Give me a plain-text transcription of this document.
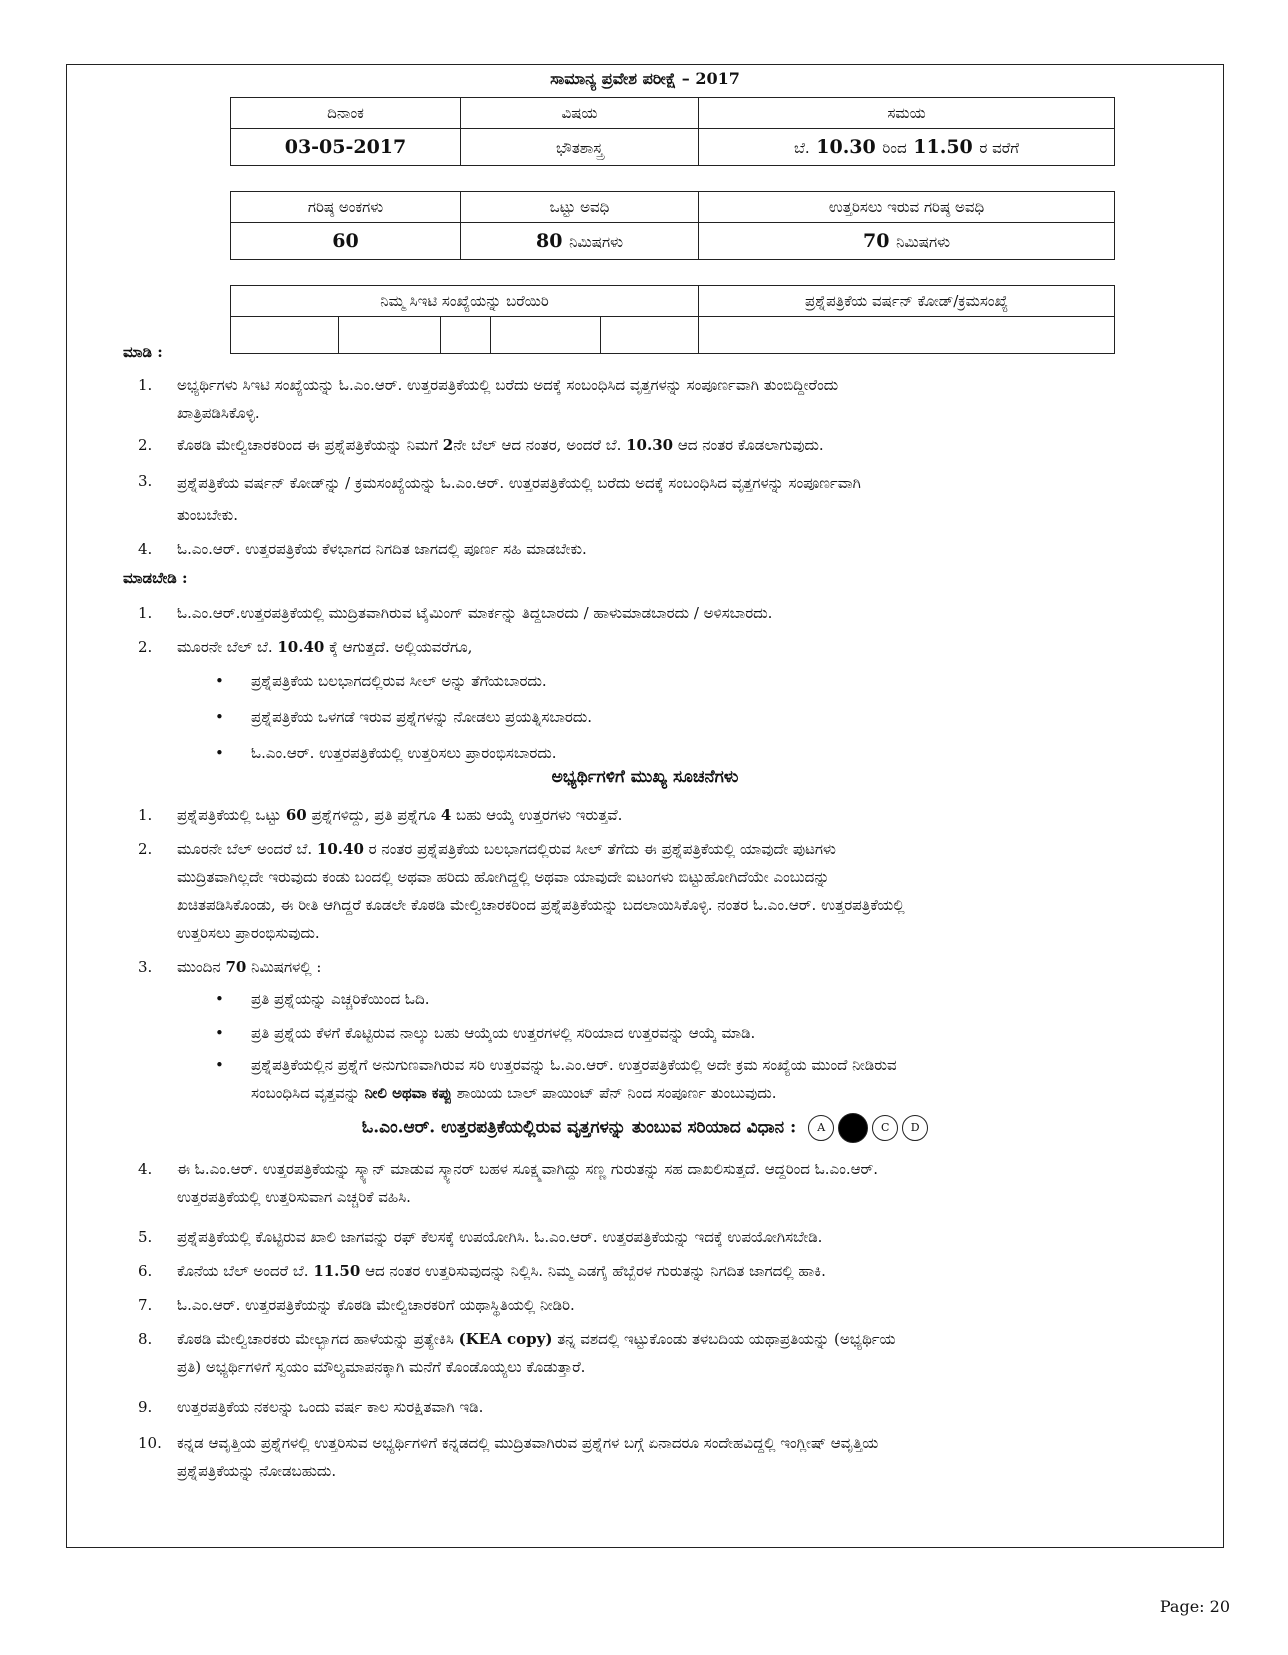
ಸಾಮಾನ್ಯ ಪ್ರವೇಶ ಪರೀಕ್ಷೆ – 2017
ದಿನಾಂಕ	ವಿಷಯ	ಸಮಯ
03-05-2017	ಭೌತಶಾಸ್ತ್ರ	ಬೆ. 10.30 ರಿಂದ 11.50 ರ ವರೆಗೆ
ಗರಿಷ್ಠ ಅಂಕಗಳು	ಒಟ್ಟು ಅವಧಿ	ಉತ್ತರಿಸಲು ಇರುವ ಗರಿಷ್ಠ ಅವಧಿ
60	80 ನಿಮಿಷಗಳು	70 ನಿಮಿಷಗಳು
ನಿಮ್ಮ ಸಿಇಟಿ ಸಂಖ್ಯೆಯನ್ನು ಬರೆಯಿರಿ					ಪ್ರಶ್ನೆಪತ್ರಿಕೆಯ ವರ್ಷನ್ ಕೋಡ್/ಕ್ರಮಸಂಖ್ಯೆ

ಮಾಡಿ :
1.	ಅಭ್ಯರ್ಥಿಗಳು ಸಿಇಟಿ ಸಂಖ್ಯೆಯನ್ನು ಓ.ಎಂ.ಆರ್. ಉತ್ತರಪತ್ರಿಕೆಯಲ್ಲಿ ಬರೆದು ಅದಕ್ಕೆ ಸಂಬಂಧಿಸಿದ ವೃತ್ತಗಳನ್ನು ಸಂಪೂರ್ಣವಾಗಿ ತುಂಬಿದ್ದೀರೆಂದು
ಖಾತ್ರಿಪಡಿಸಿಕೊಳ್ಳಿ.
2.	ಕೊಠಡಿ ಮೇಲ್ವಿಚಾರಕರಿಂದ ಈ ಪ್ರಶ್ನೆಪತ್ರಿಕೆಯನ್ನು ನಿಮಗೆ 2ನೇ ಬೆಲ್ ಆದ ನಂತರ, ಅಂದರೆ ಬೆ. 10.30 ಆದ ನಂತರ ಕೊಡಲಾಗುವುದು.
3.	ಪ್ರಶ್ನೆಪತ್ರಿಕೆಯ ವರ್ಷನ್ ಕೋಡ್‌ನ್ನು / ಕ್ರಮಸಂಖ್ಯೆಯನ್ನು ಓ.ಎಂ.ಆರ್. ಉತ್ತರಪತ್ರಿಕೆಯಲ್ಲಿ ಬರೆದು ಅದಕ್ಕೆ ಸಂಬಂಧಿಸಿದ ವೃತ್ತಗಳನ್ನು ಸಂಪೂರ್ಣವಾಗಿ
ತುಂಬಬೇಕು.
4.	ಓ.ಎಂ.ಆರ್. ಉತ್ತರಪತ್ರಿಕೆಯ ಕೆಳಭಾಗದ ನಿಗದಿತ ಜಾಗದಲ್ಲಿ ಪೂರ್ಣ ಸಹಿ ಮಾಡಬೇಕು.
ಮಾಡಬೇಡಿ :
1.	ಓ.ಎಂ.ಆರ್.ಉತ್ತರಪತ್ರಿಕೆಯಲ್ಲಿ ಮುದ್ರಿತವಾಗಿರುವ ಟೈಮಿಂಗ್ ಮಾರ್ಕನ್ನು ತಿದ್ದಬಾರದು / ಹಾಳುಮಾಡಬಾರದು / ಅಳಿಸಬಾರದು.
2.	ಮೂರನೇ ಬೆಲ್ ಬೆ. 10.40 ಕ್ಕೆ ಆಗುತ್ತದೆ. ಅಲ್ಲಿಯವರೆಗೂ,
• ಪ್ರಶ್ನೆಪತ್ರಿಕೆಯ ಬಲಭಾಗದಲ್ಲಿರುವ ಸೀಲ್ ಅನ್ನು ತೆಗೆಯಬಾರದು.
• ಪ್ರಶ್ನೆಪತ್ರಿಕೆಯ ಒಳಗಡೆ ಇರುವ ಪ್ರಶ್ನೆಗಳನ್ನು ನೋಡಲು ಪ್ರಯತ್ನಿಸಬಾರದು.
• ಓ.ಎಂ.ಆರ್. ಉತ್ತರಪತ್ರಿಕೆಯಲ್ಲಿ ಉತ್ತರಿಸಲು ಪ್ರಾರಂಭಿಸಬಾರದು.
ಅಭ್ಯರ್ಥಿಗಳಿಗೆ ಮುಖ್ಯ ಸೂಚನೆಗಳು
1.	ಪ್ರಶ್ನೆಪತ್ರಿಕೆಯಲ್ಲಿ ಒಟ್ಟು 60 ಪ್ರಶ್ನೆಗಳಿದ್ದು, ಪ್ರತಿ ಪ್ರಶ್ನೆಗೂ 4 ಬಹು ಆಯ್ಕೆ ಉತ್ತರಗಳು ಇರುತ್ತವೆ.
2.	ಮೂರನೇ ಬೆಲ್ ಅಂದರೆ ಬೆ. 10.40 ರ ನಂತರ ಪ್ರಶ್ನೆಪತ್ರಿಕೆಯ ಬಲಭಾಗದಲ್ಲಿರುವ ಸೀಲ್ ತೆಗೆದು ಈ ಪ್ರಶ್ನೆಪತ್ರಿಕೆಯಲ್ಲಿ ಯಾವುದೇ ಪುಟಗಳು
ಮುದ್ರಿತವಾಗಿಲ್ಲದೇ ಇರುವುದು ಕಂಡು ಬಂದಲ್ಲಿ ಅಥವಾ ಹರಿದು ಹೋಗಿದ್ದಲ್ಲಿ ಅಥವಾ ಯಾವುದೇ ಐಟಂಗಳು ಬಿಟ್ಟುಹೋಗಿದೆಯೇ ಎಂಬುದನ್ನು
ಖಚಿತಪಡಿಸಿಕೊಂಡು, ಈ ರೀತಿ ಆಗಿದ್ದರೆ ಕೂಡಲೇ ಕೊಠಡಿ ಮೇಲ್ವಿಚಾರಕರಿಂದ ಪ್ರಶ್ನೆಪತ್ರಿಕೆಯನ್ನು ಬದಲಾಯಿಸಿಕೊಳ್ಳಿ. ನಂತರ ಓ.ಎಂ.ಆರ್. ಉತ್ತರಪತ್ರಿಕೆಯಲ್ಲಿ
ಉತ್ತರಿಸಲು ಪ್ರಾರಂಭಿಸುವುದು.
3.	ಮುಂದಿನ 70 ನಿಮಿಷಗಳಲ್ಲಿ :
• ಪ್ರತಿ ಪ್ರಶ್ನೆಯನ್ನು ಎಚ್ಚರಿಕೆಯಿಂದ ಓದಿ.
• ಪ್ರತಿ ಪ್ರಶ್ನೆಯ ಕೆಳಗೆ ಕೊಟ್ಟಿರುವ ನಾಲ್ಕು ಬಹು ಆಯ್ಕೆಯ ಉತ್ತರಗಳಲ್ಲಿ ಸರಿಯಾದ ಉತ್ತರವನ್ನು ಆಯ್ಕೆ ಮಾಡಿ.
• ಪ್ರಶ್ನೆಪತ್ರಿಕೆಯಲ್ಲಿನ ಪ್ರಶ್ನೆಗೆ ಅನುಗುಣವಾಗಿರುವ ಸರಿ ಉತ್ತರವನ್ನು ಓ.ಎಂ.ಆರ್. ಉತ್ತರಪತ್ರಿಕೆಯಲ್ಲಿ ಅದೇ ಕ್ರಮ ಸಂಖ್ಯೆಯ ಮುಂದೆ ನೀಡಿರುವ
ಸಂಬಂಧಿಸಿದ ವೃತ್ತವನ್ನು ನೀಲಿ ಅಥವಾ ಕಪ್ಪು ಶಾಯಿಯ ಬಾಲ್ ಪಾಯಿಂಟ್ ಪೆನ್ ನಿಂದ ಸಂಪೂರ್ಣ ತುಂಬುವುದು.
ಓ.ಎಂ.ಆರ್. ಉತ್ತರಪತ್ರಿಕೆಯಲ್ಲಿರುವ ವೃತ್ತಗಳನ್ನು ತುಂಬುವ ಸರಿಯಾದ ವಿಧಾನ :	A	C	D
4.	ಈ ಓ.ಎಂ.ಆರ್. ಉತ್ತರಪತ್ರಿಕೆಯನ್ನು ಸ್ಕ್ಯಾನ್ ಮಾಡುವ ಸ್ಕ್ಯಾನರ್ ಬಹಳ ಸೂಕ್ಷ್ಮವಾಗಿದ್ದು ಸಣ್ಣ ಗುರುತನ್ನು ಸಹ ದಾಖಲಿಸುತ್ತದೆ. ಆದ್ದರಿಂದ ಓ.ಎಂ.ಆರ್.
ಉತ್ತರಪತ್ರಿಕೆಯಲ್ಲಿ ಉತ್ತರಿಸುವಾಗ ಎಚ್ಚರಿಕೆ ವಹಿಸಿ.
5.	ಪ್ರಶ್ನೆಪತ್ರಿಕೆಯಲ್ಲಿ ಕೊಟ್ಟಿರುವ ಖಾಲಿ ಜಾಗವನ್ನು ರಫ್ ಕೆಲಸಕ್ಕೆ ಉಪಯೋಗಿಸಿ. ಓ.ಎಂ.ಆರ್. ಉತ್ತರಪತ್ರಿಕೆಯನ್ನು ಇದಕ್ಕೆ ಉಪಯೋಗಿಸಬೇಡಿ.
6.	ಕೊನೆಯ ಬೆಲ್ ಅಂದರೆ ಬೆ. 11.50 ಆದ ನಂತರ ಉತ್ತರಿಸುವುದನ್ನು ನಿಲ್ಲಿಸಿ. ನಿಮ್ಮ ಎಡಗೈ ಹೆಬ್ಬೆರಳ ಗುರುತನ್ನು ನಿಗದಿತ ಜಾಗದಲ್ಲಿ ಹಾಕಿ.
7.	ಓ.ಎಂ.ಆರ್. ಉತ್ತರಪತ್ರಿಕೆಯನ್ನು ಕೊಠಡಿ ಮೇಲ್ವಿಚಾರಕರಿಗೆ ಯಥಾಸ್ಥಿತಿಯಲ್ಲಿ ನೀಡಿರಿ.
8.	ಕೊಠಡಿ ಮೇಲ್ವಿಚಾರಕರು ಮೇಲ್ಭಾಗದ ಹಾಳೆಯನ್ನು ಪ್ರತ್ಯೇಕಿಸಿ (KEA copy) ತನ್ನ ವಶದಲ್ಲಿ ಇಟ್ಟುಕೊಂಡು ತಳಬದಿಯ ಯಥಾಪ್ರತಿಯನ್ನು (ಅಭ್ಯರ್ಥಿಯ
ಪ್ರತಿ) ಅಭ್ಯರ್ಥಿಗಳಿಗೆ ಸ್ವಯಂ ಮೌಲ್ಯಮಾಪನಕ್ಕಾಗಿ ಮನೆಗೆ ಕೊಂಡೊಯ್ಯಲು ಕೊಡುತ್ತಾರೆ.
9.	ಉತ್ತರಪತ್ರಿಕೆಯ ನಕಲನ್ನು ಒಂದು ವರ್ಷ ಕಾಲ ಸುರಕ್ಷಿತವಾಗಿ ಇಡಿ.
10.	ಕನ್ನಡ ಆವೃತ್ತಿಯ ಪ್ರಶ್ನೆಗಳಲ್ಲಿ ಉತ್ತರಿಸುವ ಅಭ್ಯರ್ಥಿಗಳಿಗೆ ಕನ್ನಡದಲ್ಲಿ ಮುದ್ರಿತವಾಗಿರುವ ಪ್ರಶ್ನೆಗಳ ಬಗ್ಗೆ ಏನಾದರೂ ಸಂದೇಹವಿದ್ದಲ್ಲಿ ಇಂಗ್ಲೀಷ್ ಆವೃತ್ತಿಯ
ಪ್ರಶ್ನೆಪತ್ರಿಕೆಯನ್ನು ನೋಡಬಹುದು.
Page: 20
